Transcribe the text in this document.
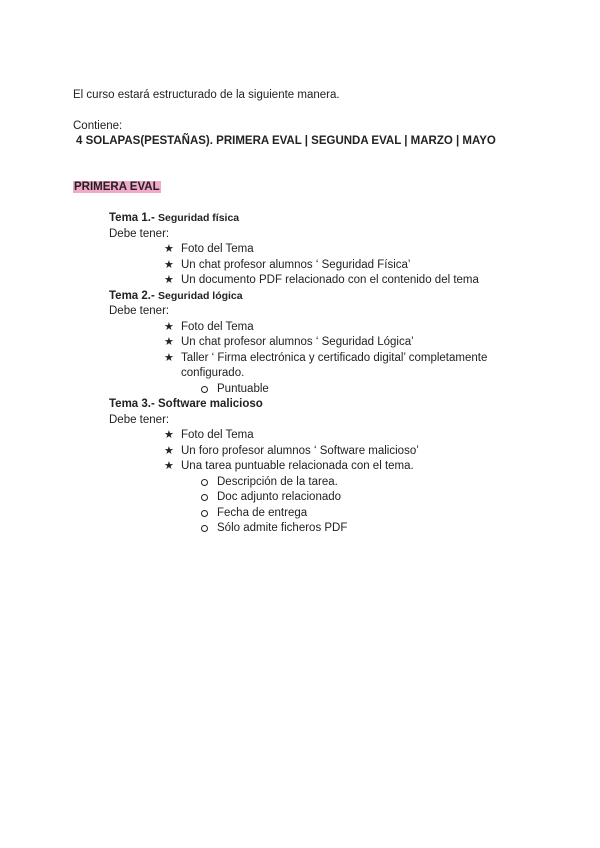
El curso estará estructurado de la siguiente manera.
Contiene:
4 SOLAPAS(PESTAÑAS). PRIMERA EVAL | SEGUNDA EVAL | MARZO | MAYO
PRIMERA EVAL
Tema 1.- Seguridad física
Debe tener:
★ Foto del Tema
★ Un chat profesor alumnos ‘ Seguridad Física’
★ Un documento PDF relacionado con el contenido del tema
Tema 2.- Seguridad lógica
Debe tener:
★ Foto del Tema
★ Un chat profesor alumnos ‘ Seguridad Lógica’
★ Taller ‘ Firma electrónica y certificado digital’ completamente
configurado.
Puntuable
Tema 3.- Software malicioso
Debe tener:
★ Foto del Tema
★ Un foro profesor alumnos ‘ Software malicioso’
★ Una tarea puntuable relacionada con el tema.
Descripción de la tarea.
Doc adjunto relacionado
Fecha de entrega
Sólo admite ficheros PDF
